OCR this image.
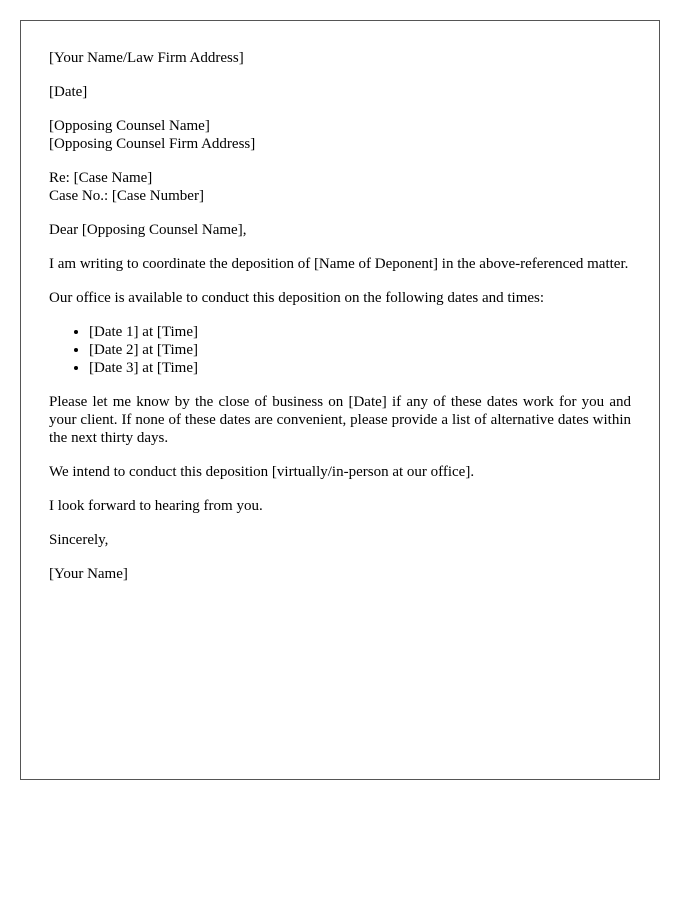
[Your Name/Law Firm Address]

[Date]

[Opposing Counsel Name]
[Opposing Counsel Firm Address]

Re: [Case Name]
Case No.: [Case Number]

Dear [Opposing Counsel Name],

I am writing to coordinate the deposition of [Name of Deponent] in the above-referenced matter.

Our office is available to conduct this deposition on the following dates and times:

• [Date 1] at [Time]
• [Date 2] at [Time]
• [Date 3] at [Time]

Please let me know by the close of business on [Date] if any of these dates work for you and your client. If none of these dates are convenient, please provide a list of alternative dates within the next thirty days.

We intend to conduct this deposition [virtually/in-person at our office].

I look forward to hearing from you.

Sincerely,

[Your Name]
